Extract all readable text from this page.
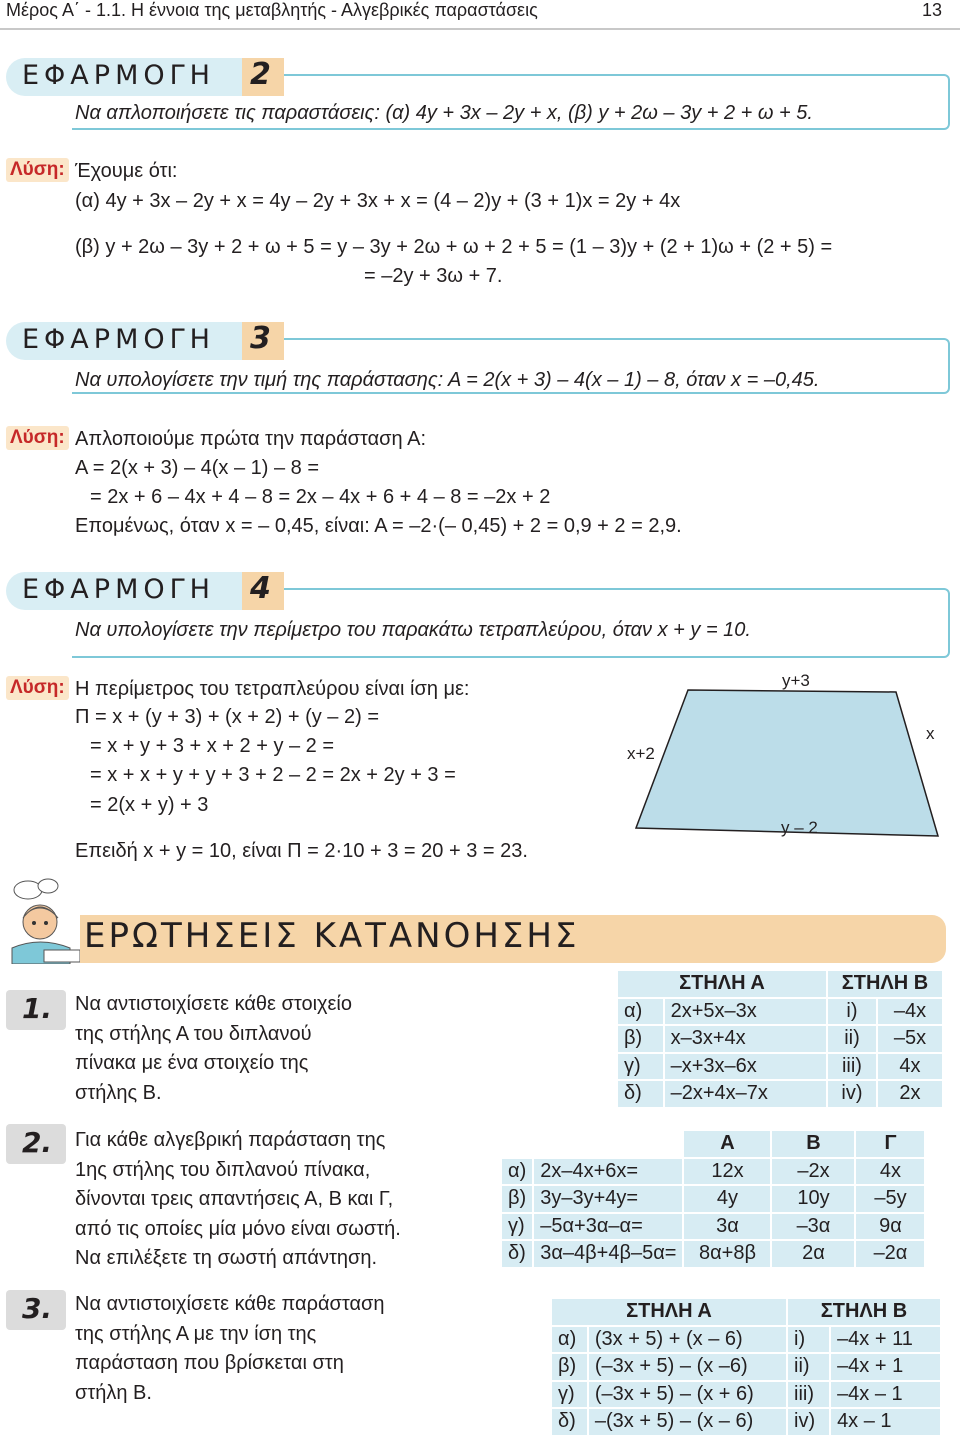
Μέρος Α΄ - 1.1. Η έννοια της μεταβλητής - Αλγεβρικές παραστάσεις	13
ΕΦΑΡΜΟΓΗ 2
Να απλοποιήσετε τις παραστάσεις: (α) 4y + 3x – 2y + x, (β) y + 2ω – 3y + 2 + ω + 5.
Λύση: Έχουμε ότι:
(α) 4y + 3x – 2y + x = 4y – 2y + 3x + x = (4 – 2)y + (3 + 1)x = 2y + 4x
(β) y + 2ω – 3y + 2 + ω + 5 = y – 3y + 2ω + ω + 2 + 5 = (1 – 3)y + (2 + 1)ω + (2 + 5) =
= –2y + 3ω + 7.
ΕΦΑΡΜΟΓΗ 3
Να υπολογίσετε την τιμή της παράστασης: Α = 2(x + 3) – 4(x – 1) – 8, όταν x = –0,45.
Λύση: Απλοποιούμε πρώτα την παράσταση Α:
Α = 2(x + 3) – 4(x – 1) – 8 =
= 2x + 6 – 4x + 4 – 8 = 2x – 4x + 6 + 4 – 8 = –2x + 2
Επομένως, όταν x = – 0,45, είναι: Α = –2·(– 0,45) + 2 = 0,9 + 2 = 2,9.
ΕΦΑΡΜΟΓΗ 4
Να υπολογίσετε την περίμετρο του παρακάτω τετραπλεύρου, όταν x + y = 10.
Λύση: Η περίμετρος του τετραπλεύρου είναι ίση με:
Π = x + (y + 3) + (x + 2) + (y – 2) =
= x + y + 3 + x + 2 + y – 2 =
= x + x + y + y + 3 + 2 – 2 = 2x + 2y + 3 =
= 2(x + y) + 3
Επειδή x + y = 10, είναι Π = 2·10 + 3 = 20 + 3 = 23.
y+3
x+2
x
y – 2
ΕΡΩΤΗΣΕΙΣ ΚΑΤΑΝΟΗΣΗΣ
1. Να αντιστοιχίσετε κάθε στοιχείο
της στήλης Α του διπλανού
πίνακα με ένα στοιχείο της
στήλης Β.
ΣΤΗΛΗ Α		ΣΤΗΛΗ Β	
α)	2x+5x–3x	i)	–4x
β)	x–3x+4x	ii)	–5x
γ)	–x+3x–6x	iii)	4x
δ)	–2x+4x–7x	iv)	2x
2. Για κάθε αλγεβρική παράσταση της
1ης στήλης του διπλανού πίνακα,
δίνονται τρεις απαντήσεις Α, Β και Γ,
από τις οποίες μία μόνο είναι σωστή.
Να επιλέξετε τη σωστή απάντηση.
		Α	Β	Γ
α)	2x–4x+6x=	12x	–2x	4x
β)	3y–3y+4y=	4y	10y	–5y
γ)	–5α+3α–α=	3α	–3α	9α
δ)	3α–4β+4β–5α=	8α+8β	2α	–2α
3. Να αντιστοιχίσετε κάθε παράσταση
της στήλης Α με την ίση της
παράσταση που βρίσκεται στη
στήλη Β.
ΣΤΗΛΗ Α		ΣΤΗΛΗ Β	
α)	(3x + 5) + (x – 6)	i)	–4x + 11
β)	(–3x + 5) – (x –6)	ii)	–4x + 1
γ)	(–3x + 5) – (x + 6)	iii)	–4x – 1
δ)	–(3x + 5) – (x – 6)	iv)	4x – 1
